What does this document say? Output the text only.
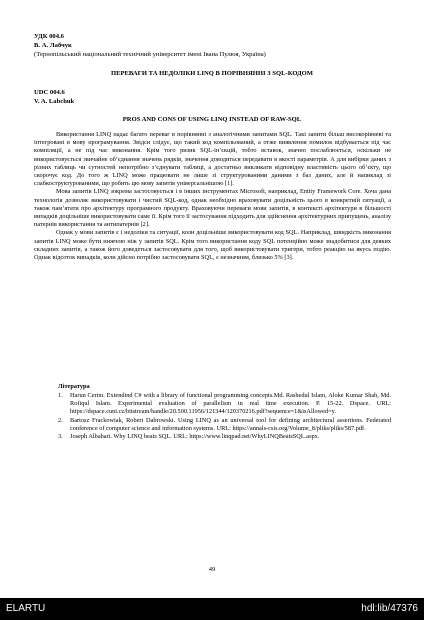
УДК 004.6
В. А. Лабчук
(Тернопільський національний технічний університет імені Івана Пулюя, Україна)
ПЕРЕВАГИ ТА НЕДОЛІКИ LINQ В ПОРІВНЯННІ З SQL-КОДОМ
UDC 004.6
V. A. Labchuk
PROS AND CONS OF USING LINQ INSTEAD OF RAW-SQL

Використання LINQ надає багато переваг в порівнянні з аналогічними запитами SQL. Такі запити більш високорівневі та інтегровані в мову програмування. Звідси слідує, що такий код компільований, а отже виявлення помилок відбувається під час компіляції, а не під час виконання. Крім того ризик SQL-ін’єкцій, тобто вставок, значно послаблюється, оскільки не використовується звичайне об’єднання значень рядків, значення доводиться передавати в якості параметрів. А для вибірки даних з різних таблиць чи сутностей непотрібно з’єднувати таблиці, а достатньо викликати відповідну властивість цього об’єкту, що скорочує код. До того ж LINQ може працювати не лише зі структурованими даними з баз даних, але й напиклад зі слабкоструктурованими, що робить цю мову запитів універсальнішою [1].

Мова запитів LINQ зокрема застосовується і в інших інструментах Microsoft, наприклад, Entity Framework Core. Хоча дана технологія дозволяє використовувати і чистий SQL-код, однак необхідно враховувати доцільність цього в конкретній ситуації, а також пам’ятати про архітектуру програмного продукту. Враховуючи переваги мови запитів, в контексті архітектури в більшості випадків доцільніше використовувати саме її. Крім того її застосування підходить для здійснення архітектурних припущень, аналізу патернів використання та антипатернів [2].

Однак у мови запитів є і недоліки та ситуації, коли доцільніше використовувати код SQL. Наприклад, швидкість виконання запитів LINQ може бути нижчою ніж у запитів SQL. Крім того використання коду SQL потенційно може знадобитися для деяких складних запитів, а також його доведеться застосовувати для того, щоб використовувати тригери, тобто реакцію на якусь подію. Однак відсоток випадків, коли дійсно потрібно застосовувати SQL, є незначним, близько 5% [3].

Література
1. Harun Cerim. Extendind C# with a library of functional programming concepts.Md. Rashedul Islam, Aloke Kumar Shah, Md. Rofiqul Islam. Experimental evaluation of parallelism in real time execution. P. 15-22. Dspace. URL: https://dspace.cuni.cz/bitstream/handle/20.500.11956/121344/120370216.pdf?sequence=1&isAllowed=y.
2. Bartosz Frackowiak, Robert Dabrowski. Using LINQ as an universal tool for defining architectural assertions. Federated conference of computer science and information systems. URL: https://annals-csis.org/Volume_8/pliks/pliks/587.pdf.
3. Joseph Albahari. Why LINQ beats SQL. URL: https://www.linqpad.net/WhyLINQBeatsSQL.aspx.
49
ELARTU	hdl:lib/47376
